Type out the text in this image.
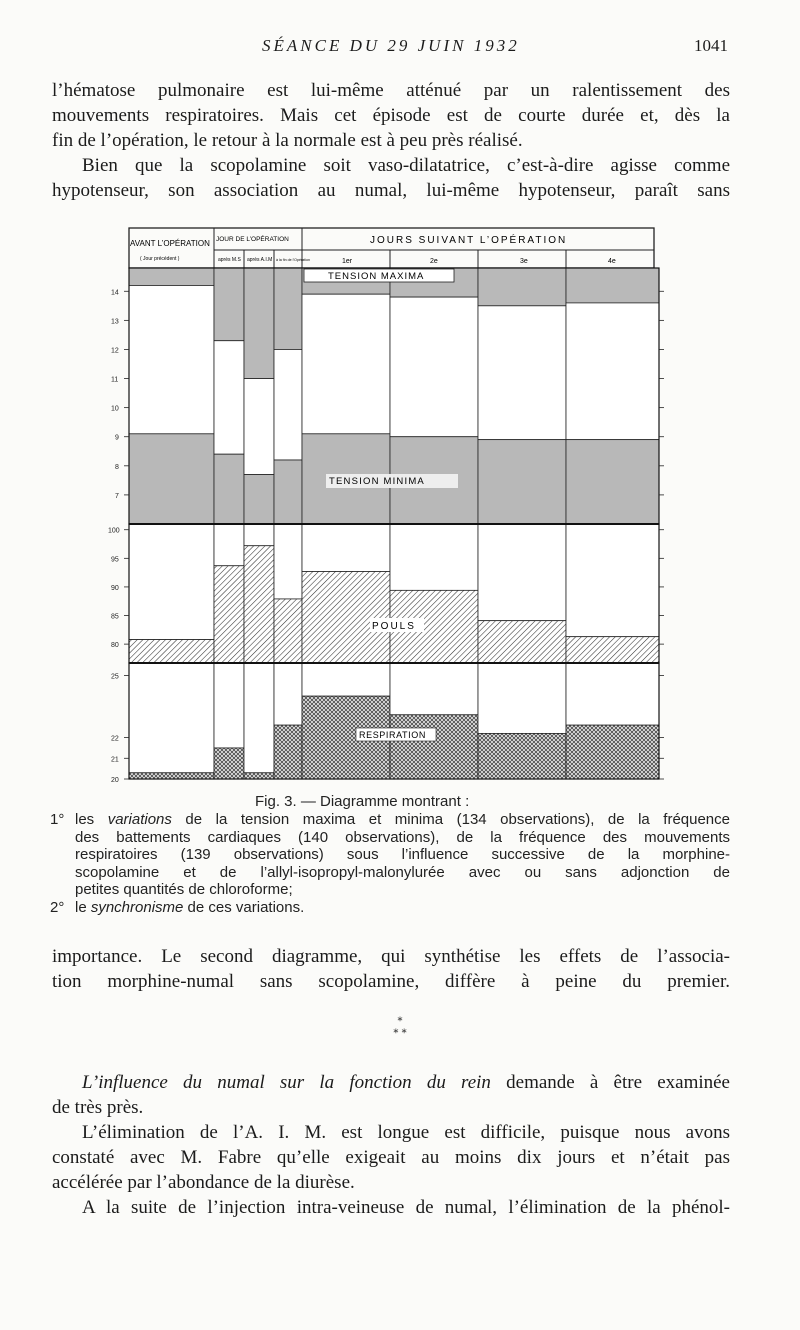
SÉANCE DU 29 JUIN 1932	1041
l’hématose pulmonaire est lui-même atténué par un ralentissement des
mouvements respiratoires. Mais cet épisode est de courte durée et, dès la
fin de l’opération, le retour à la normale est à peu près réalisé.
Bien que la scopolamine soit vaso-dilatatrice, c’est-à-dire agisse comme
hypotenseur, son association au numal, lui-même hypotenseur, paraît sans
AVANT L’OPÉRATION
( Jour précédent )
JOUR DE L’OPÉRATION
après M.S après A.I.M à la fin de l’Opération
JOURS SUIVANT L’OPÉRATION
1er	2e	3e	4e
14
13
12
11
10
9
8
7
100
95
90
85
80
25
22
21
20
TENSION MAXIMA
TENSION MINIMA
POULS
RESPIRATION
Fig. 3. — Diagramme montrant :
1° les variations de la tension maxima et minima (134 observations), de la fréquence
des battements cardiaques (140 observations), de la fréquence des mouvements
respiratoires (139 observations) sous l’influence successive de la morphine-
scopolamine et de l’allyl-isopropyl-malonylurée avec ou sans adjonction de
petites quantités de chloroforme;
2° le synchronisme de ces variations.
importance. Le second diagramme, qui synthétise les effets de l’associa-
tion morphine-numal sans scopolamine, diffère à peine du premier.
*
* *
L’influence du numal sur la fonction du rein demande à être examinée
de très près.
L’élimination de l’A. I. M. est longue est difficile, puisque nous avons
constaté avec M. Fabre qu’elle exigeait au moins dix jours et n’était pas
accélérée par l’abondance de la diurèse.
A la suite de l’injection intra-veineuse de numal, l’élimination de la phénol-
